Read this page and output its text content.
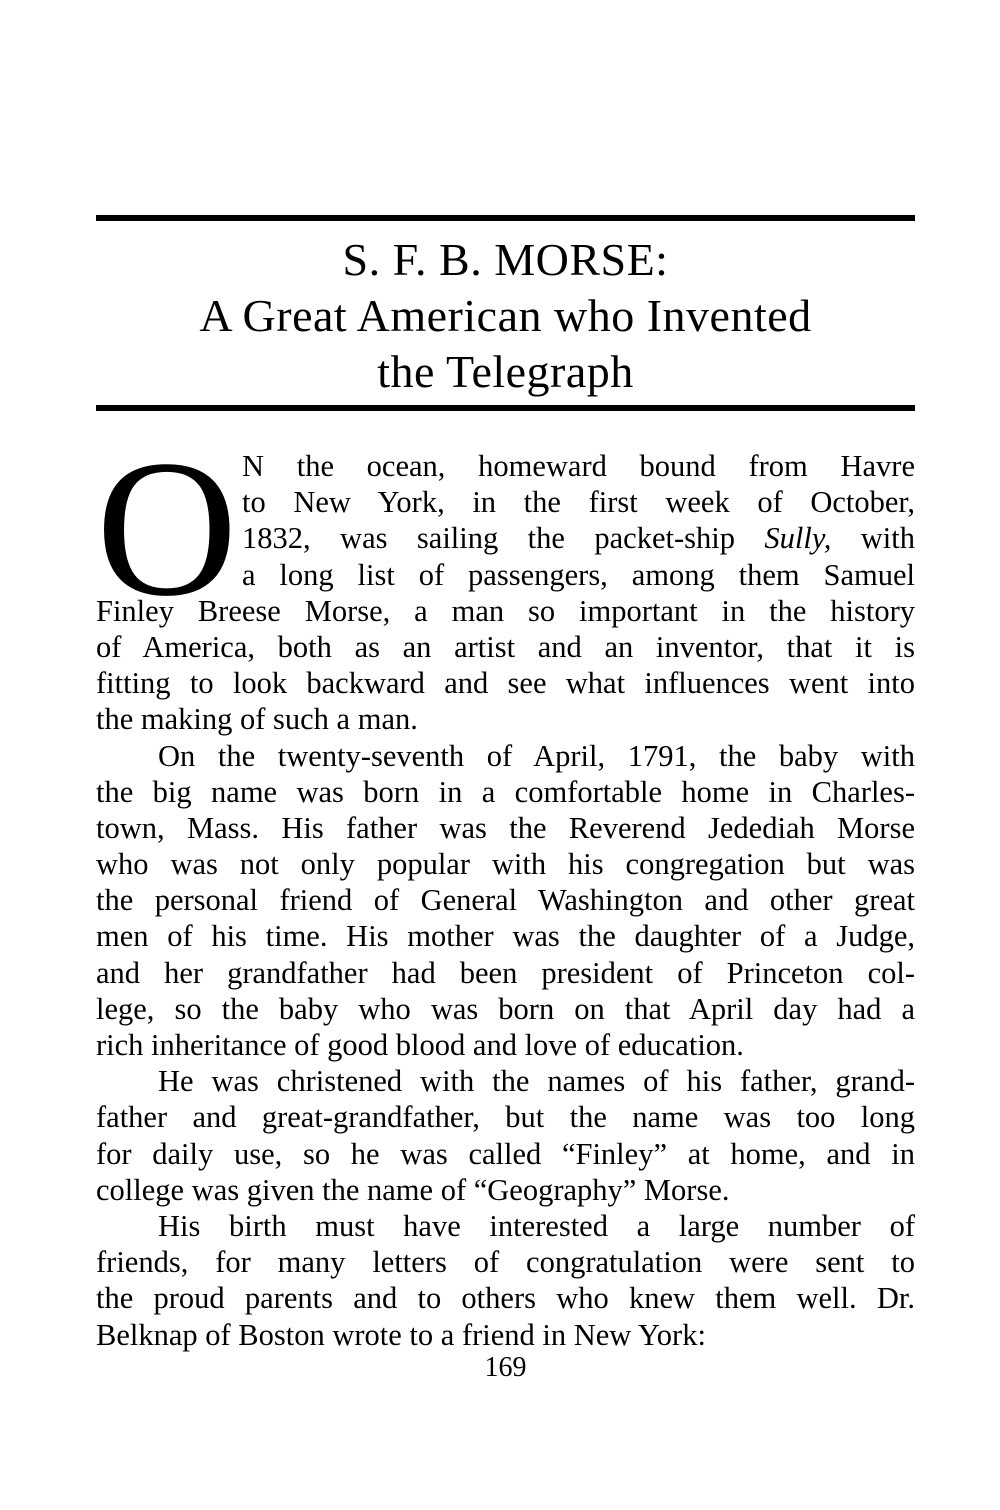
S. F. B. MORSE:
A Great American who Invented
the Telegraph
O N the ocean, homeward bound from Havre
to New York, in the first week of October,
1832, was sailing the packet-ship Sully, with
a long list of passengers, among them Samuel
Finley Breese Morse, a man so important in the history
of America, both as an artist and an inventor, that it is
fitting to look backward and see what influences went into
the making of such a man.
On the twenty-seventh of April, 1791, the baby with
the big name was born in a comfortable home in Charles-
town, Mass. His father was the Reverend Jedediah Morse
who was not only popular with his congregation but was
the personal friend of General Washington and other great
men of his time. His mother was the daughter of a Judge,
and her grandfather had been president of Princeton col-
lege, so the baby who was born on that April day had a
rich inheritance of good blood and love of education.
He was christened with the names of his father, grand-
father and great-grandfather, but the name was too long
for daily use, so he was called “Finley” at home, and in
college was given the name of “Geography” Morse.
His birth must have interested a large number of
friends, for many letters of congratulation were sent to
the proud parents and to others who knew them well. Dr.
Belknap of Boston wrote to a friend in New York:
169
